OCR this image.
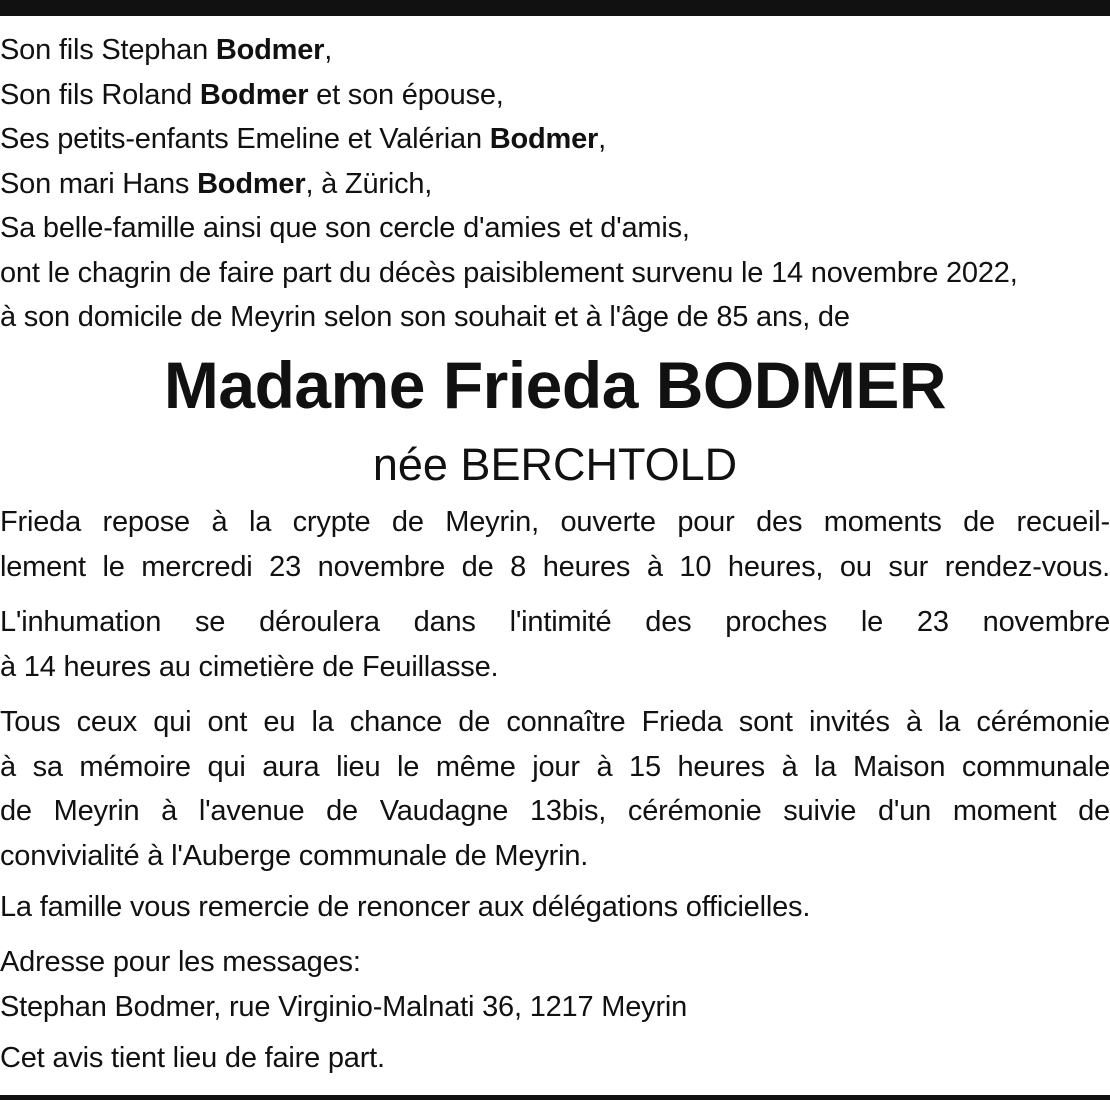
Son fils Stephan Bodmer,
Son fils Roland Bodmer et son épouse,
Ses petits-enfants Emeline et Valérian Bodmer,
Son mari Hans Bodmer, à Zürich,
Sa belle-famille ainsi que son cercle d'amies et d'amis,
ont le chagrin de faire part du décès paisiblement survenu le 14 novembre 2022,
à son domicile de Meyrin selon son souhait et à l'âge de 85 ans, de
Madame Frieda BODMER
née BERCHTOLD
Frieda repose à la crypte de Meyrin, ouverte pour des moments de recueil-
lement le mercredi 23 novembre de 8 heures à 10 heures, ou sur rendez-vous.
L'inhumation se déroulera dans l'intimité des proches le 23 novembre
à 14 heures au cimetière de Feuillasse.
Tous ceux qui ont eu la chance de connaître Frieda sont invités à la cérémonie
à sa mémoire qui aura lieu le même jour à 15 heures à la Maison communale
de Meyrin à l'avenue de Vaudagne 13bis, cérémonie suivie d'un moment de
convivialité à l'Auberge communale de Meyrin.
La famille vous remercie de renoncer aux délégations officielles.
Adresse pour les messages:
Stephan Bodmer, rue Virginio-Malnati 36, 1217 Meyrin
Cet avis tient lieu de faire part.
